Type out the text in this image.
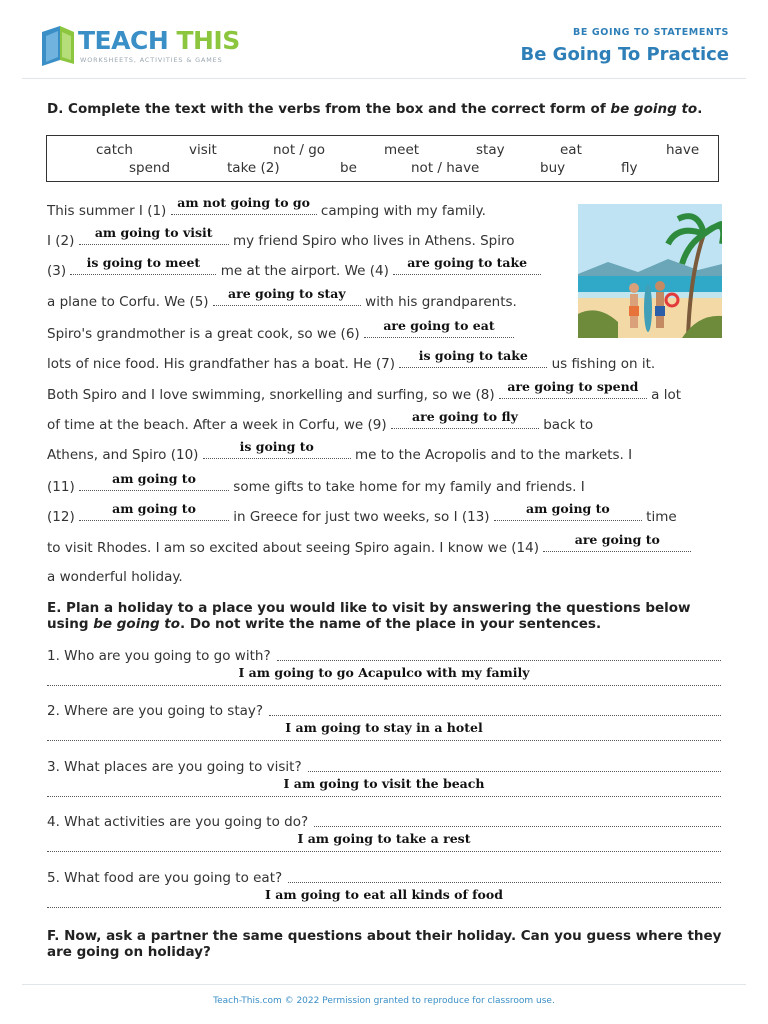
TEACH THIS
WORKSHEETS, ACTIVITIES & GAMES
BE GOING TO STATEMENTS
Be Going To Practice
D. Complete the text with the verbs from the box and the correct form of be going to.
catch	visit	not / go	meet	stay	eat	have
spend	take (2)	be	not / have	buy	fly
This summer I (1)
am not going to go
camping with my family.
I (2)
am going to visit
my friend Spiro who lives in Athens. Spiro
(3)
is going to meet
me at the airport. We (4)
are going to take
a plane to Corfu. We (5)
are going to stay
with his grandparents.
Spiro's grandmother is a great cook, so we (6)
are going to eat
lots of nice food. His grandfather has a boat. He (7)
is going to take
us fishing on it.
Both Spiro and I love swimming, snorkelling and surfing, so we (8)
are going to spend
a lot
of time at the beach. After a week in Corfu, we (9)
are going to fly
back to
Athens, and Spiro (10)
is going to
me to the Acropolis and to the markets. I
(11)
am going to
some gifts to take home for my family and friends. I
(12)
am going to
in Greece for just two weeks, so I (13)
am going to
time
to visit Rhodes. I am so excited about seeing Spiro again. I know we (14)
are going to
a wonderful holiday.
E. Plan a holiday to a place you would like to visit by answering the questions below using be going to. Do not write the name of the place in your sentences.
1. Who are you going to go with?
I am going to go Acapulco with my family
2. Where are you going to stay?
I am going to stay in a hotel
3. What places are you going to visit?
I am going to visit the beach
4. What activities are you going to do?
I am going to take a rest
5. What food are you going to eat?
I am going to eat all kinds of food
F. Now, ask a partner the same questions about their holiday. Can you guess where they are going on holiday?
Teach-This.com © 2022 Permission granted to reproduce for classroom use.
